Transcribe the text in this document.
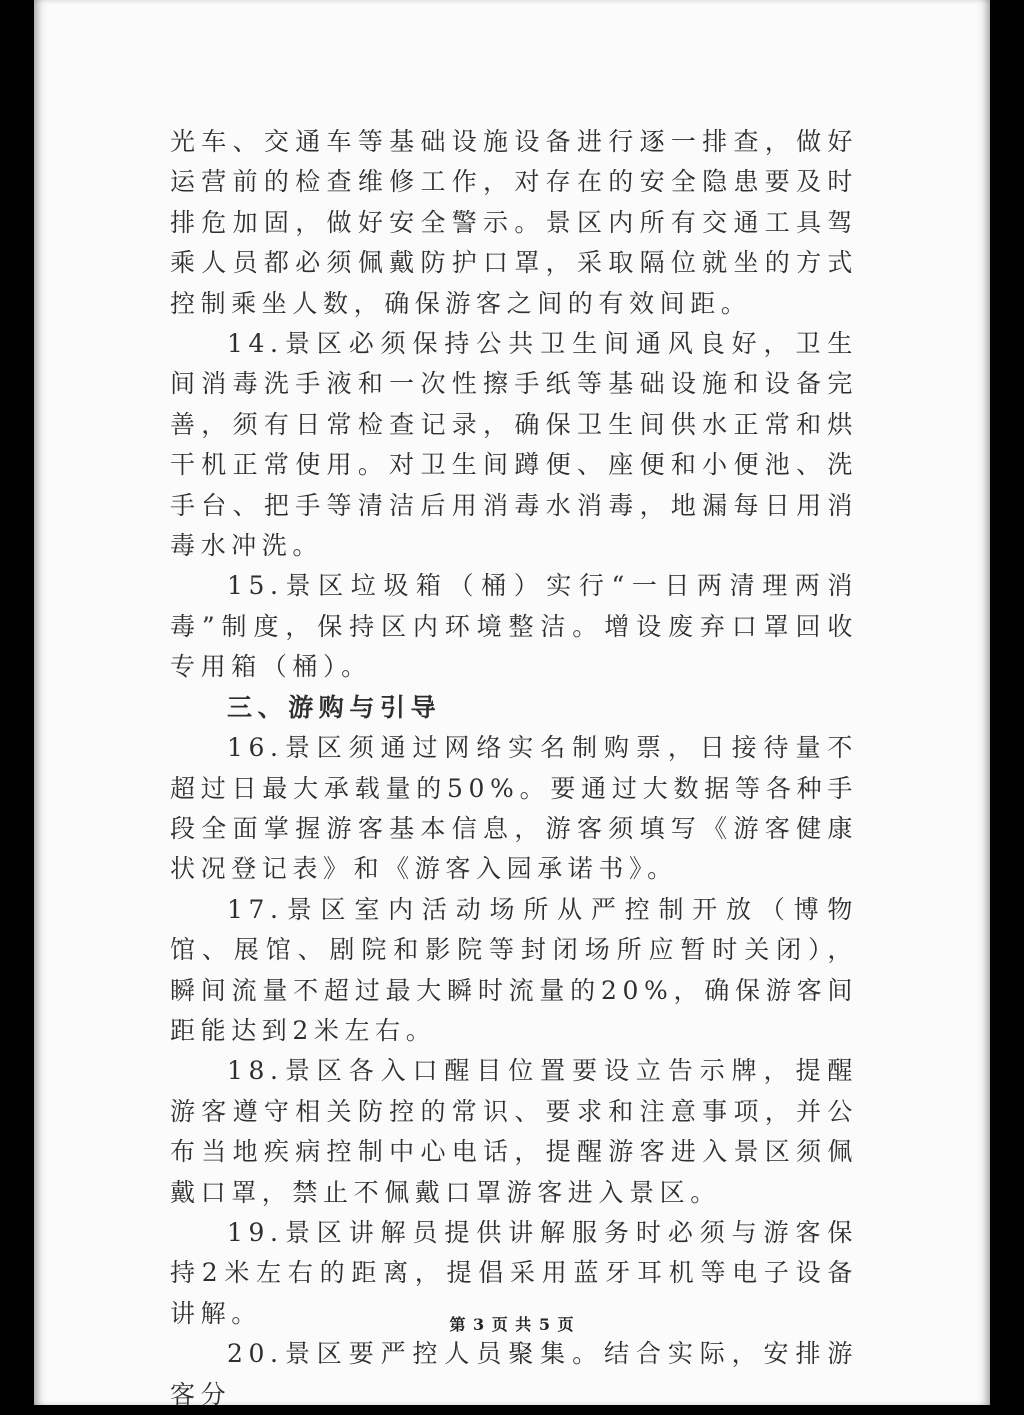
光车、交通车等基础设施设备进行逐一排查，做好运营前的检查维修工作，对存在的安全隐患要及时排危加固，做好安全警示。景区内所有交通工具驾乘人员都必须佩戴防护口罩，采取隔位就坐的方式控制乘坐人数，确保游客之间的有效间距。

14.景区必须保持公共卫生间通风良好，卫生间消毒洗手液和一次性擦手纸等基础设施和设备完善，须有日常检查记录，确保卫生间供水正常和烘干机正常使用。对卫生间蹲便、座便和小便池、洗手台、把手等清洁后用消毒水消毒，地漏每日用消毒水冲洗。

15.景区垃圾箱（桶）实行“一日两清理两消毒”制度，保持区内环境整洁。增设废弃口罩回收专用箱（桶）。

三、游购与引导

16.景区须通过网络实名制购票，日接待量不超过日最大承载量的50%。要通过大数据等各种手段全面掌握游客基本信息，游客须填写《游客健康状况登记表》和《游客入园承诺书》。

17.景区室内活动场所从严控制开放（博物馆、展馆、剧院和影院等封闭场所应暂时关闭），瞬间流量不超过最大瞬时流量的20%，确保游客间距能达到2米左右。

18.景区各入口醒目位置要设立告示牌，提醒游客遵守相关防控的常识、要求和注意事项，并公布当地疾病控制中心电话，提醒游客进入景区须佩戴口罩，禁止不佩戴口罩游客进入景区。

19.景区讲解员提供讲解服务时必须与游客保持2米左右的距离，提倡采用蓝牙耳机等电子设备讲解。

20.景区要严控人员聚集。结合实际，安排游客分

第 3 页 共 5 页
